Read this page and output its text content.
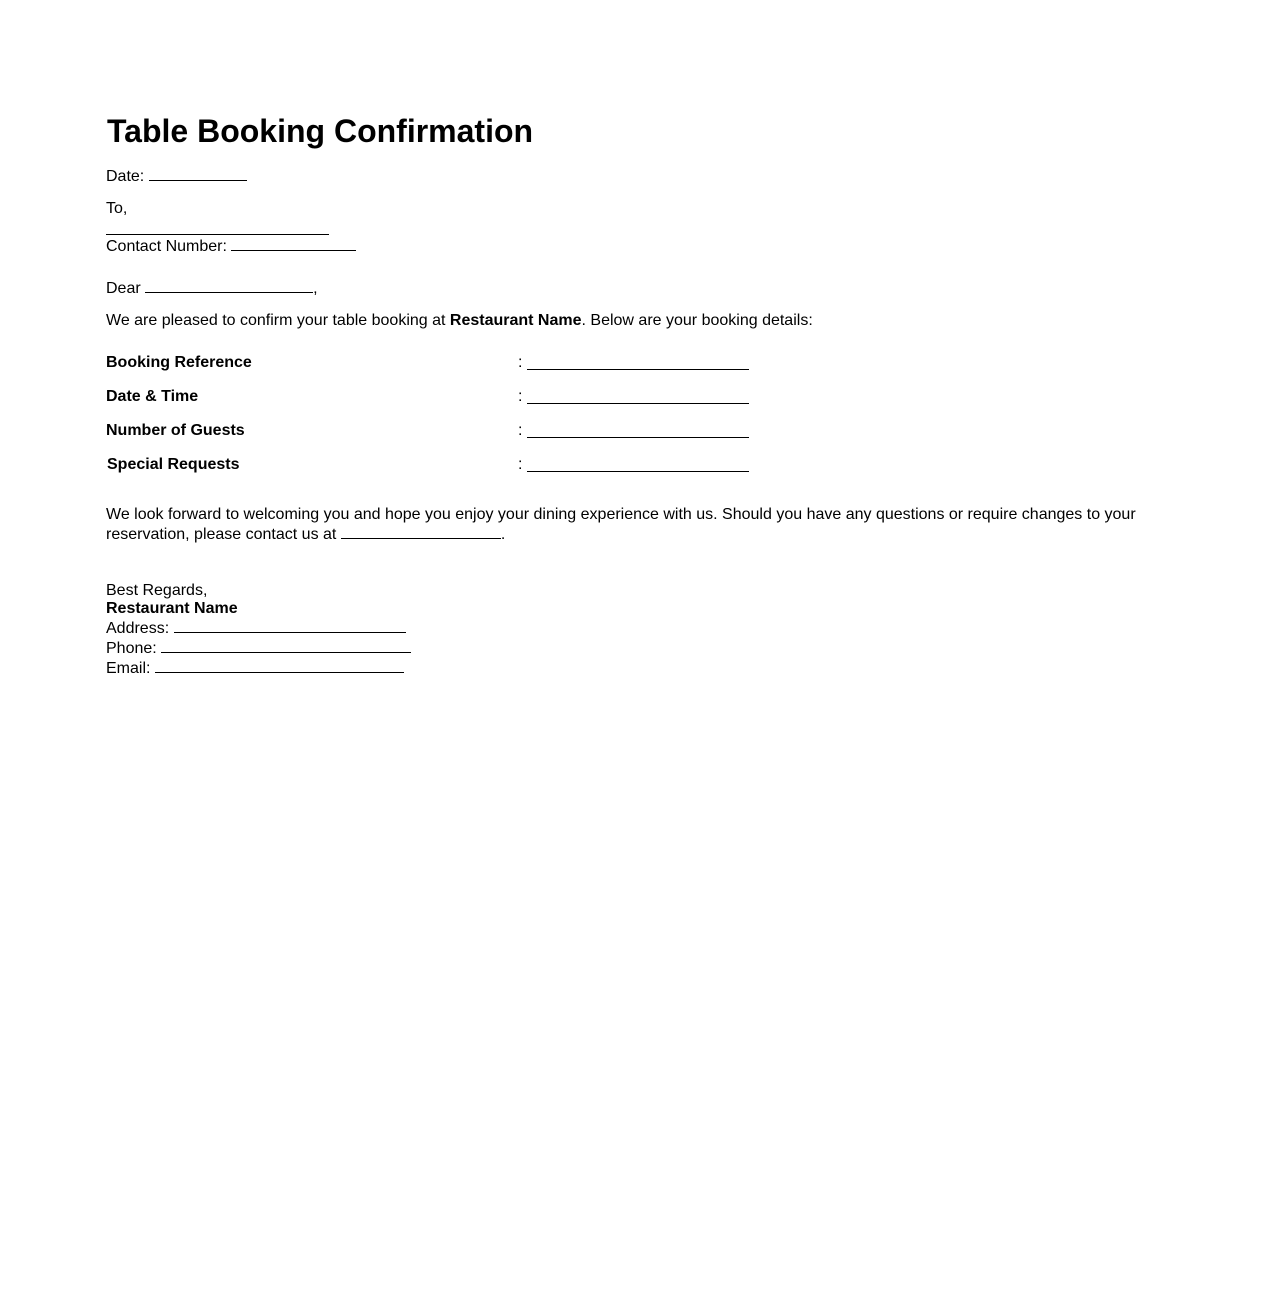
Table Booking Confirmation
Date:
To,
Contact Number:
Dear	,
We are pleased to confirm your table booking at Restaurant Name. Below are your booking details:
Booking Reference	:
Date & Time	:
Number of Guests	:
Special Requests	:
We look forward to welcoming you and hope you enjoy your dining experience with us. Should you have any questions or require changes to your
reservation, please contact us at	.
Best Regards,
Restaurant Name
Address:
Phone:
Email:
